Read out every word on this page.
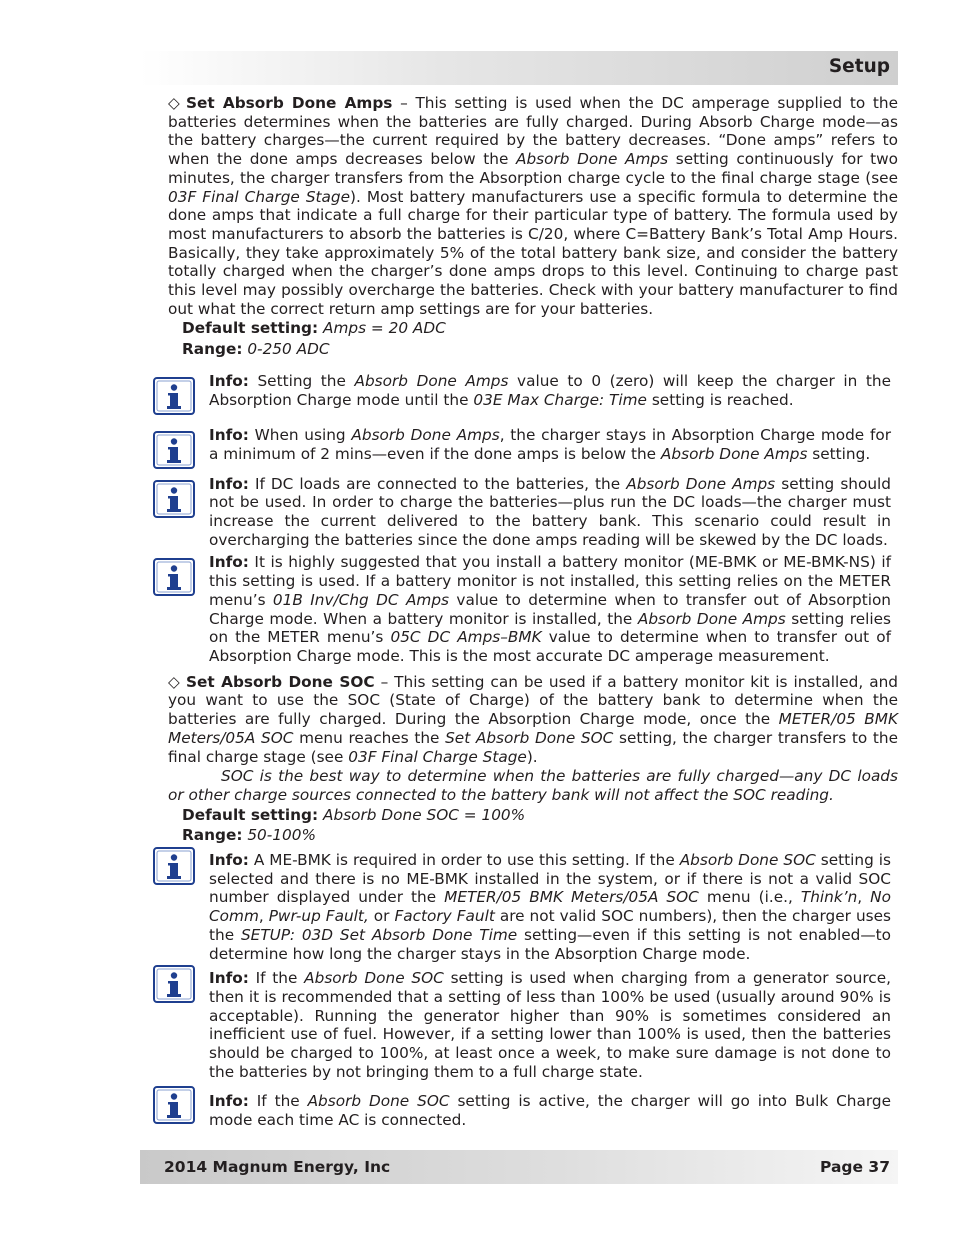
Setup

◇ Set Absorb Done Amps – This setting is used when the DC amperage supplied to the batteries determines when the batteries are fully charged. During Absorb Charge mode—as the battery charges—the current required by the battery decreases. “Done amps” refers to when the done amps decreases below the Absorb Done Amps setting continuously for two minutes, the charger transfers from the Absorption charge cycle to the final charge stage (see 03F Final Charge Stage). Most battery manufacturers use a specific formula to determine the done amps that indicate a full charge for their particular type of battery. The formula used by most manufacturers to absorb the batteries is C/20, where C=Battery Bank’s Total Amp Hours. Basically, they take approximately 5% of the total battery bank size, and consider the battery totally charged when the charger’s done amps drops to this level. Continuing to charge past this level may possibly overcharge the batteries. Check with your battery manufacturer to find out what the correct return amp settings are for your batteries.

Default setting: Amps = 20 ADC

Range: 0-250 ADC

Info: Setting the Absorb Done Amps value to 0 (zero) will keep the charger in the Absorption Charge mode until the 03E Max Charge: Time setting is reached.

Info: When using Absorb Done Amps, the charger stays in Absorption Charge mode for a minimum of 2 mins—even if the done amps is below the Absorb Done Amps setting.

Info: If DC loads are connected to the batteries, the Absorb Done Amps setting should not be used. In order to charge the batteries—plus run the DC loads—the charger must increase the current delivered to the battery bank. This scenario could result in overcharging the batteries since the done amps reading will be skewed by the DC loads.

Info: It is highly suggested that you install a battery monitor (ME-BMK or ME-BMK-NS) if this setting is used. If a battery monitor is not installed, this setting relies on the METER menu’s 01B Inv/Chg DC Amps value to determine when to transfer out of Absorption Charge mode. When a battery monitor is installed, the Absorb Done Amps setting relies on the METER menu’s 05C DC Amps–BMK value to determine when to transfer out of Absorption Charge mode. This is the most accurate DC amperage measurement.

◇ Set Absorb Done SOC – This setting can be used if a battery monitor kit is installed, and you want to use the SOC (State of Charge) of the battery bank to determine when the batteries are fully charged. During the Absorption Charge mode, once the METER/05 BMK Meters/05A SOC menu reaches the Set Absorb Done SOC setting, the charger transfers to the final charge stage (see 03F Final Charge Stage).

SOC is the best way to determine when the batteries are fully charged—any DC loads or other charge sources connected to the battery bank will not affect the SOC reading.

Default setting: Absorb Done SOC = 100%

Range: 50-100%

Info: A ME-BMK is required in order to use this setting. If the Absorb Done SOC setting is selected and there is no ME-BMK installed in the system, or if there is not a valid SOC number displayed under the METER/05 BMK Meters/05A SOC menu (i.e., Think’n, No Comm, Pwr-up Fault, or Factory Fault are not valid SOC numbers), then the charger uses the SETUP: 03D Set Absorb Done Time setting—even if this setting is not enabled—to determine how long the charger stays in the Absorption Charge mode.

Info: If the Absorb Done SOC setting is used when charging from a generator source, then it is recommended that a setting of less than 100% be used (usually around 90% is acceptable). Running the generator higher than 90% is sometimes considered an inefficient use of fuel. However, if a setting lower than 100% is used, then the batteries should be charged to 100%, at least once a week, to make sure damage is not done to the batteries by not bringing them to a full charge state.

Info: If the Absorb Done SOC setting is active, the charger will go into Bulk Charge mode each time AC is connected.

2014 Magnum Energy, Inc	Page 37
